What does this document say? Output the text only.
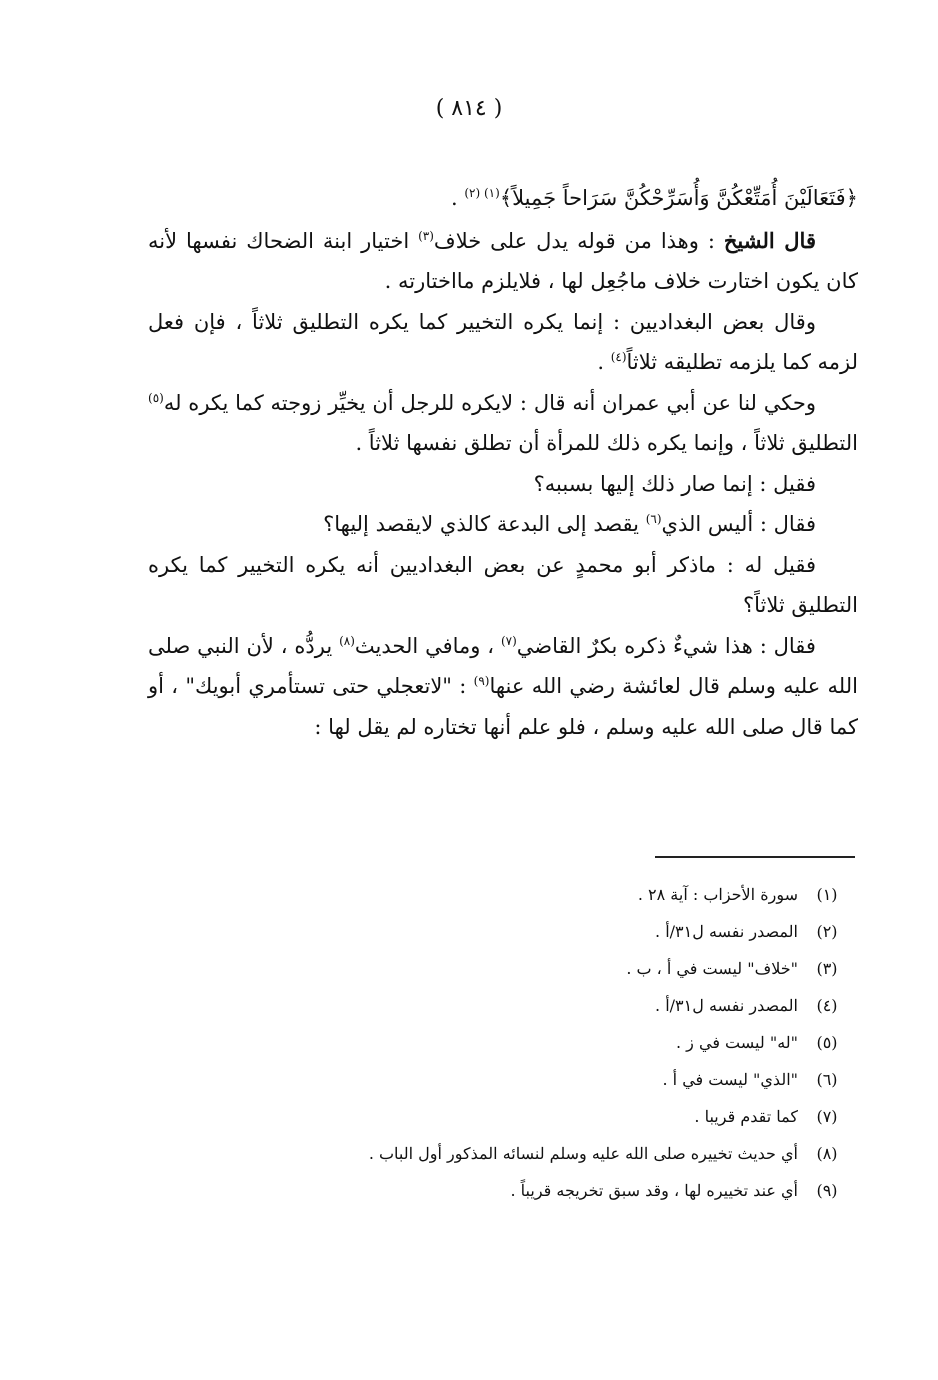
( ٨١٤ )

﴿فَتَعَالَيْنَ أُمَتِّعْكُنَّ وَأُسَرِّحْكُنَّ سَرَاحاً جَمِيلاً﴾$^{(١) (٢)}$ .

قال الشيخ : وهذا من قوله يدل على خلاف$^{(٣)}$ اختيار ابنة الضحاك نفسها لأنه كان يكون اختارت خلاف ماجُعِل لها ، فلايلزم مااختارته .

وقال بعض البغداديين : إنما يكره التخيير كما يكره التطليق ثلاثاً ، فإن فعل لزمه كما يلزمه تطليقه ثلاثاً$^{(٤)}$ .

وحكي لنا عن أبي عمران أنه قال : لايكره للرجل أن يخيِّر زوجته كما يكره له$^{(٥)}$ التطليق ثلاثاً ، وإنما يكره ذلك للمرأة أن تطلق نفسها ثلاثاً .

فقيل : إنما صار ذلك إليها بسببه؟

فقال : أليس الذي$^{(٦)}$ يقصد إلى البدعة كالذي لايقصد إليها؟

فقيل له : ماذكر أبو محمدٍ عن بعض البغداديين أنه يكره التخيير كما يكره التطليق ثلاثاً؟

فقال : هذا شيءٌ ذكره بكرٌ القاضي$^{(٧)}$ ، ومافي الحديث$^{(٨)}$ يردُّه ، لأن النبي صلى الله عليه وسلم قال لعائشة رضي الله عنها$^{(٩)}$ : "لاتعجلي حتى تستأمري أبويك" ، أو كما قال صلى الله عليه وسلم ، فلو علم أنها تختاره لم يقل لها :

(١)
سورة الأحزاب : آية ٢٨ .
(٢)
المصدر نفسه ل٣١/أ .
(٣)
"خلاف" ليست في أ ، ب .
(٤)
المصدر نفسه ل٣١/أ .
(٥)
"له" ليست في ز .
(٦)
"الذي" ليست في أ .
(٧)
كما تقدم قريبا .
(٨)
أي حديث تخييره صلى الله عليه وسلم لنسائه المذكور أول الباب .
(٩)
أي عند تخييره لها ، وقد سبق تخريجه قريباً .
